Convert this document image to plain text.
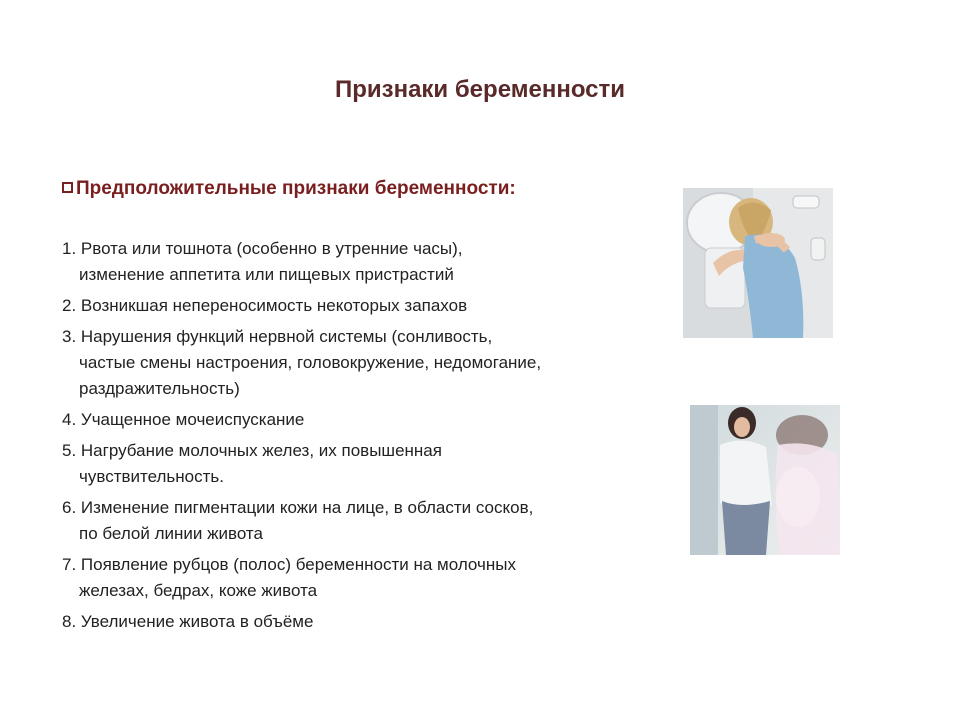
Признаки беременности
Предположительные признаки беременности:
1. Рвота или тошнота (особенно в утренние часы),
изменение аппетита или пищевых пристрастий
2. Возникшая непереносимость некоторых запахов
3. Нарушения функций нервной системы (сонливость,
частые смены настроения, головокружение, недомогание,
раздражительность)
4. Учащенное мочеиспускание
5. Нагрубание молочных желез, их повышенная
чувствительность.
6. Изменение пигментации кожи на лице, в области сосков,
по белой линии живота
7. Появление рубцов (полос) беременности на молочных
железах, бедрах, коже живота
8. Увеличение живота в объёме
